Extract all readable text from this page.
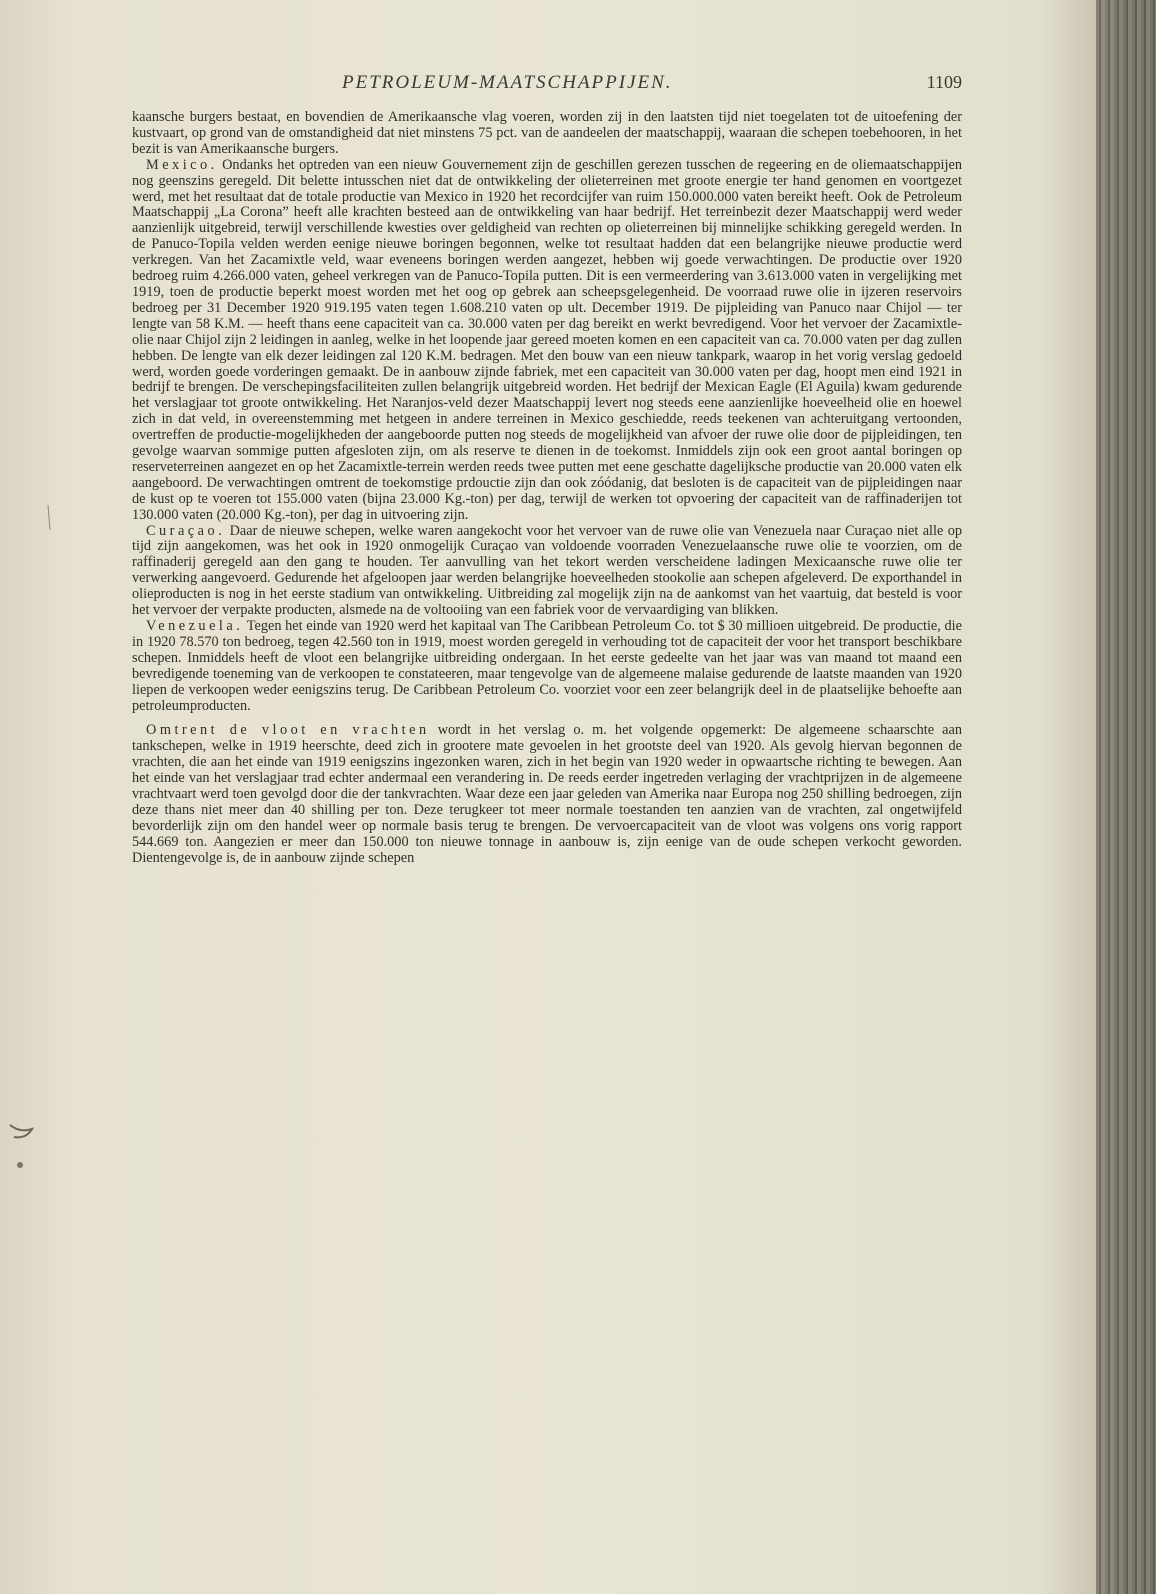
PETROLEUM-MAATSCHAPPIJEN.	1109

kaansche burgers bestaat, en bovendien de Amerikaansche vlag voeren, worden zij in den laatsten tijd niet toegelaten tot de uitoefening der kustvaart, op grond van de omstandigheid dat niet minstens 75 pct. van de aandeelen der maatschappij, waaraan die schepen toebehooren, in het bezit is van Amerikaansche burgers.

Mexico. Ondanks het optreden van een nieuw Gouvernement zijn de geschillen gerezen tusschen de regeering en de oliemaatschappijen nog geenszins geregeld. Dit belette intusschen niet dat de ontwikkeling der olieterreinen met groote energie ter hand genomen en voortgezet werd, met het resultaat dat de totale productie van Mexico in 1920 het recordcijfer van ruim 150.000.000 vaten bereikt heeft. Ook de Petroleum Maatschappij „La Corona” heeft alle krachten besteed aan de ontwikkeling van haar bedrijf. Het terreinbezit dezer Maatschappij werd weder aanzienlijk uitgebreid, terwijl verschillende kwesties over geldigheid van rechten op olieterreinen bij minnelijke schikking geregeld werden. In de Panuco-Topila velden werden eenige nieuwe boringen begonnen, welke tot resultaat hadden dat een belangrijke nieuwe productie werd verkregen. Van het Zacamixtle veld, waar eveneens boringen werden aangezet, hebben wij goede verwachtingen. De productie over 1920 bedroeg ruim 4.266.000 vaten, geheel verkregen van de Panuco-Topila putten. Dit is een vermeerdering van 3.613.000 vaten in vergelijking met 1919, toen de productie beperkt moest worden met het oog op gebrek aan scheepsgelegenheid. De voorraad ruwe olie in ijzeren reservoirs bedroeg per 31 December 1920 919.195 vaten tegen 1.608.210 vaten op ult. December 1919. De pijpleiding van Panuco naar Chijol — ter lengte van 58 K.M. — heeft thans eene capaciteit van ca. 30.000 vaten per dag bereikt en werkt bevredigend. Voor het vervoer der Zacamixtle-olie naar Chijol zijn 2 leidingen in aanleg, welke in het loopende jaar gereed moeten komen en een capaciteit van ca. 70.000 vaten per dag zullen hebben. De lengte van elk dezer leidingen zal 120 K.M. bedragen. Met den bouw van een nieuw tankpark, waarop in het vorig verslag gedoeld werd, worden goede vorderingen gemaakt. De in aanbouw zijnde fabriek, met een capaciteit van 30.000 vaten per dag, hoopt men eind 1921 in bedrijf te brengen. De verschepingsfaciliteiten zullen belangrijk uitgebreid worden. Het bedrijf der Mexican Eagle (El Aguila) kwam gedurende het verslagjaar tot groote ontwikkeling. Het Naranjos-veld dezer Maatschappij levert nog steeds eene aanzienlijke hoeveelheid olie en hoewel zich in dat veld, in overeenstemming met hetgeen in andere terreinen in Mexico geschiedde, reeds teekenen van achteruitgang vertoonden, overtreffen de productie-mogelijkheden der aangeboorde putten nog steeds de mogelijkheid van afvoer der ruwe olie door de pijpleidingen, ten gevolge waarvan sommige putten afgesloten zijn, om als reserve te dienen in de toekomst. Inmiddels zijn ook een groot aantal boringen op reserveterreinen aangezet en op het Zacamixtle-terrein werden reeds twee putten met eene geschatte dagelijksche productie van 20.000 vaten elk aangeboord. De verwachtingen omtrent de toekomstige prdouctie zijn dan ook zóódanig, dat besloten is de capaciteit van de pijpleidingen naar de kust op te voeren tot 155.000 vaten (bijna 23.000 Kg.-ton) per dag, terwijl de werken tot opvoering der capaciteit van de raffinaderijen tot 130.000 vaten (20.000 Kg.-ton), per dag in uitvoering zijn.

Curaçao. Daar de nieuwe schepen, welke waren aangekocht voor het vervoer van de ruwe olie van Venezuela naar Curaçao niet alle op tijd zijn aangekomen, was het ook in 1920 onmogelijk Curaçao van voldoende voorraden Venezuelaansche ruwe olie te voorzien, om de raffinaderij geregeld aan den gang te houden. Ter aanvulling van het tekort werden verscheidene ladingen Mexicaansche ruwe olie ter verwerking aangevoerd. Gedurende het afgeloopen jaar werden belangrijke hoeveelheden stookolie aan schepen afgeleverd. De exporthandel in olieproducten is nog in het eerste stadium van ontwikkeling. Uitbreiding zal mogelijk zijn na de aankomst van het vaartuig, dat besteld is voor het vervoer der verpakte producten, alsmede na de voltooiing van een fabriek voor de vervaardiging van blikken.

Venezuela. Tegen het einde van 1920 werd het kapitaal van The Caribbean Petroleum Co. tot $ 30 millioen uitgebreid. De productie, die in 1920 78.570 ton bedroeg, tegen 42.560 ton in 1919, moest worden geregeld in verhouding tot de capaciteit der voor het transport beschikbare schepen. Inmiddels heeft de vloot een belangrijke uitbreiding ondergaan. In het eerste gedeelte van het jaar was van maand tot maand een bevredigende toeneming van de verkoopen te constateeren, maar tengevolge van de algemeene malaise gedurende de laatste maanden van 1920 liepen de verkoopen weder eenigszins terug. De Caribbean Petroleum Co. voorziet voor een zeer belangrijk deel in de plaatselijke behoefte aan petroleumproducten.

Omtrent de vloot en vrachten wordt in het verslag o. m. het volgende opgemerkt: De algemeene schaarschte aan tankschepen, welke in 1919 heerschte, deed zich in grootere mate gevoelen in het grootste deel van 1920. Als gevolg hiervan begonnen de vrachten, die aan het einde van 1919 eenigszins ingezonken waren, zich in het begin van 1920 weder in opwaartsche richting te bewegen. Aan het einde van het verslagjaar trad echter andermaal een verandering in. De reeds eerder ingetreden verlaging der vrachtprijzen in de algemeene vrachtvaart werd toen gevolgd door die der tankvrachten. Waar deze een jaar geleden van Amerika naar Europa nog 250 shilling bedroegen, zijn deze thans niet meer dan 40 shilling per ton. Deze terugkeer tot meer normale toestanden ten aanzien van de vrachten, zal ongetwijfeld bevorderlijk zijn om den handel weer op normale basis terug te brengen. De vervoercapaciteit van de vloot was volgens ons vorig rapport 544.669 ton. Aangezien er meer dan 150.000 ton nieuwe tonnage in aanbouw is, zijn eenige van de oude schepen verkocht geworden. Dientengevolge is, de in aanbouw zijnde schepen
